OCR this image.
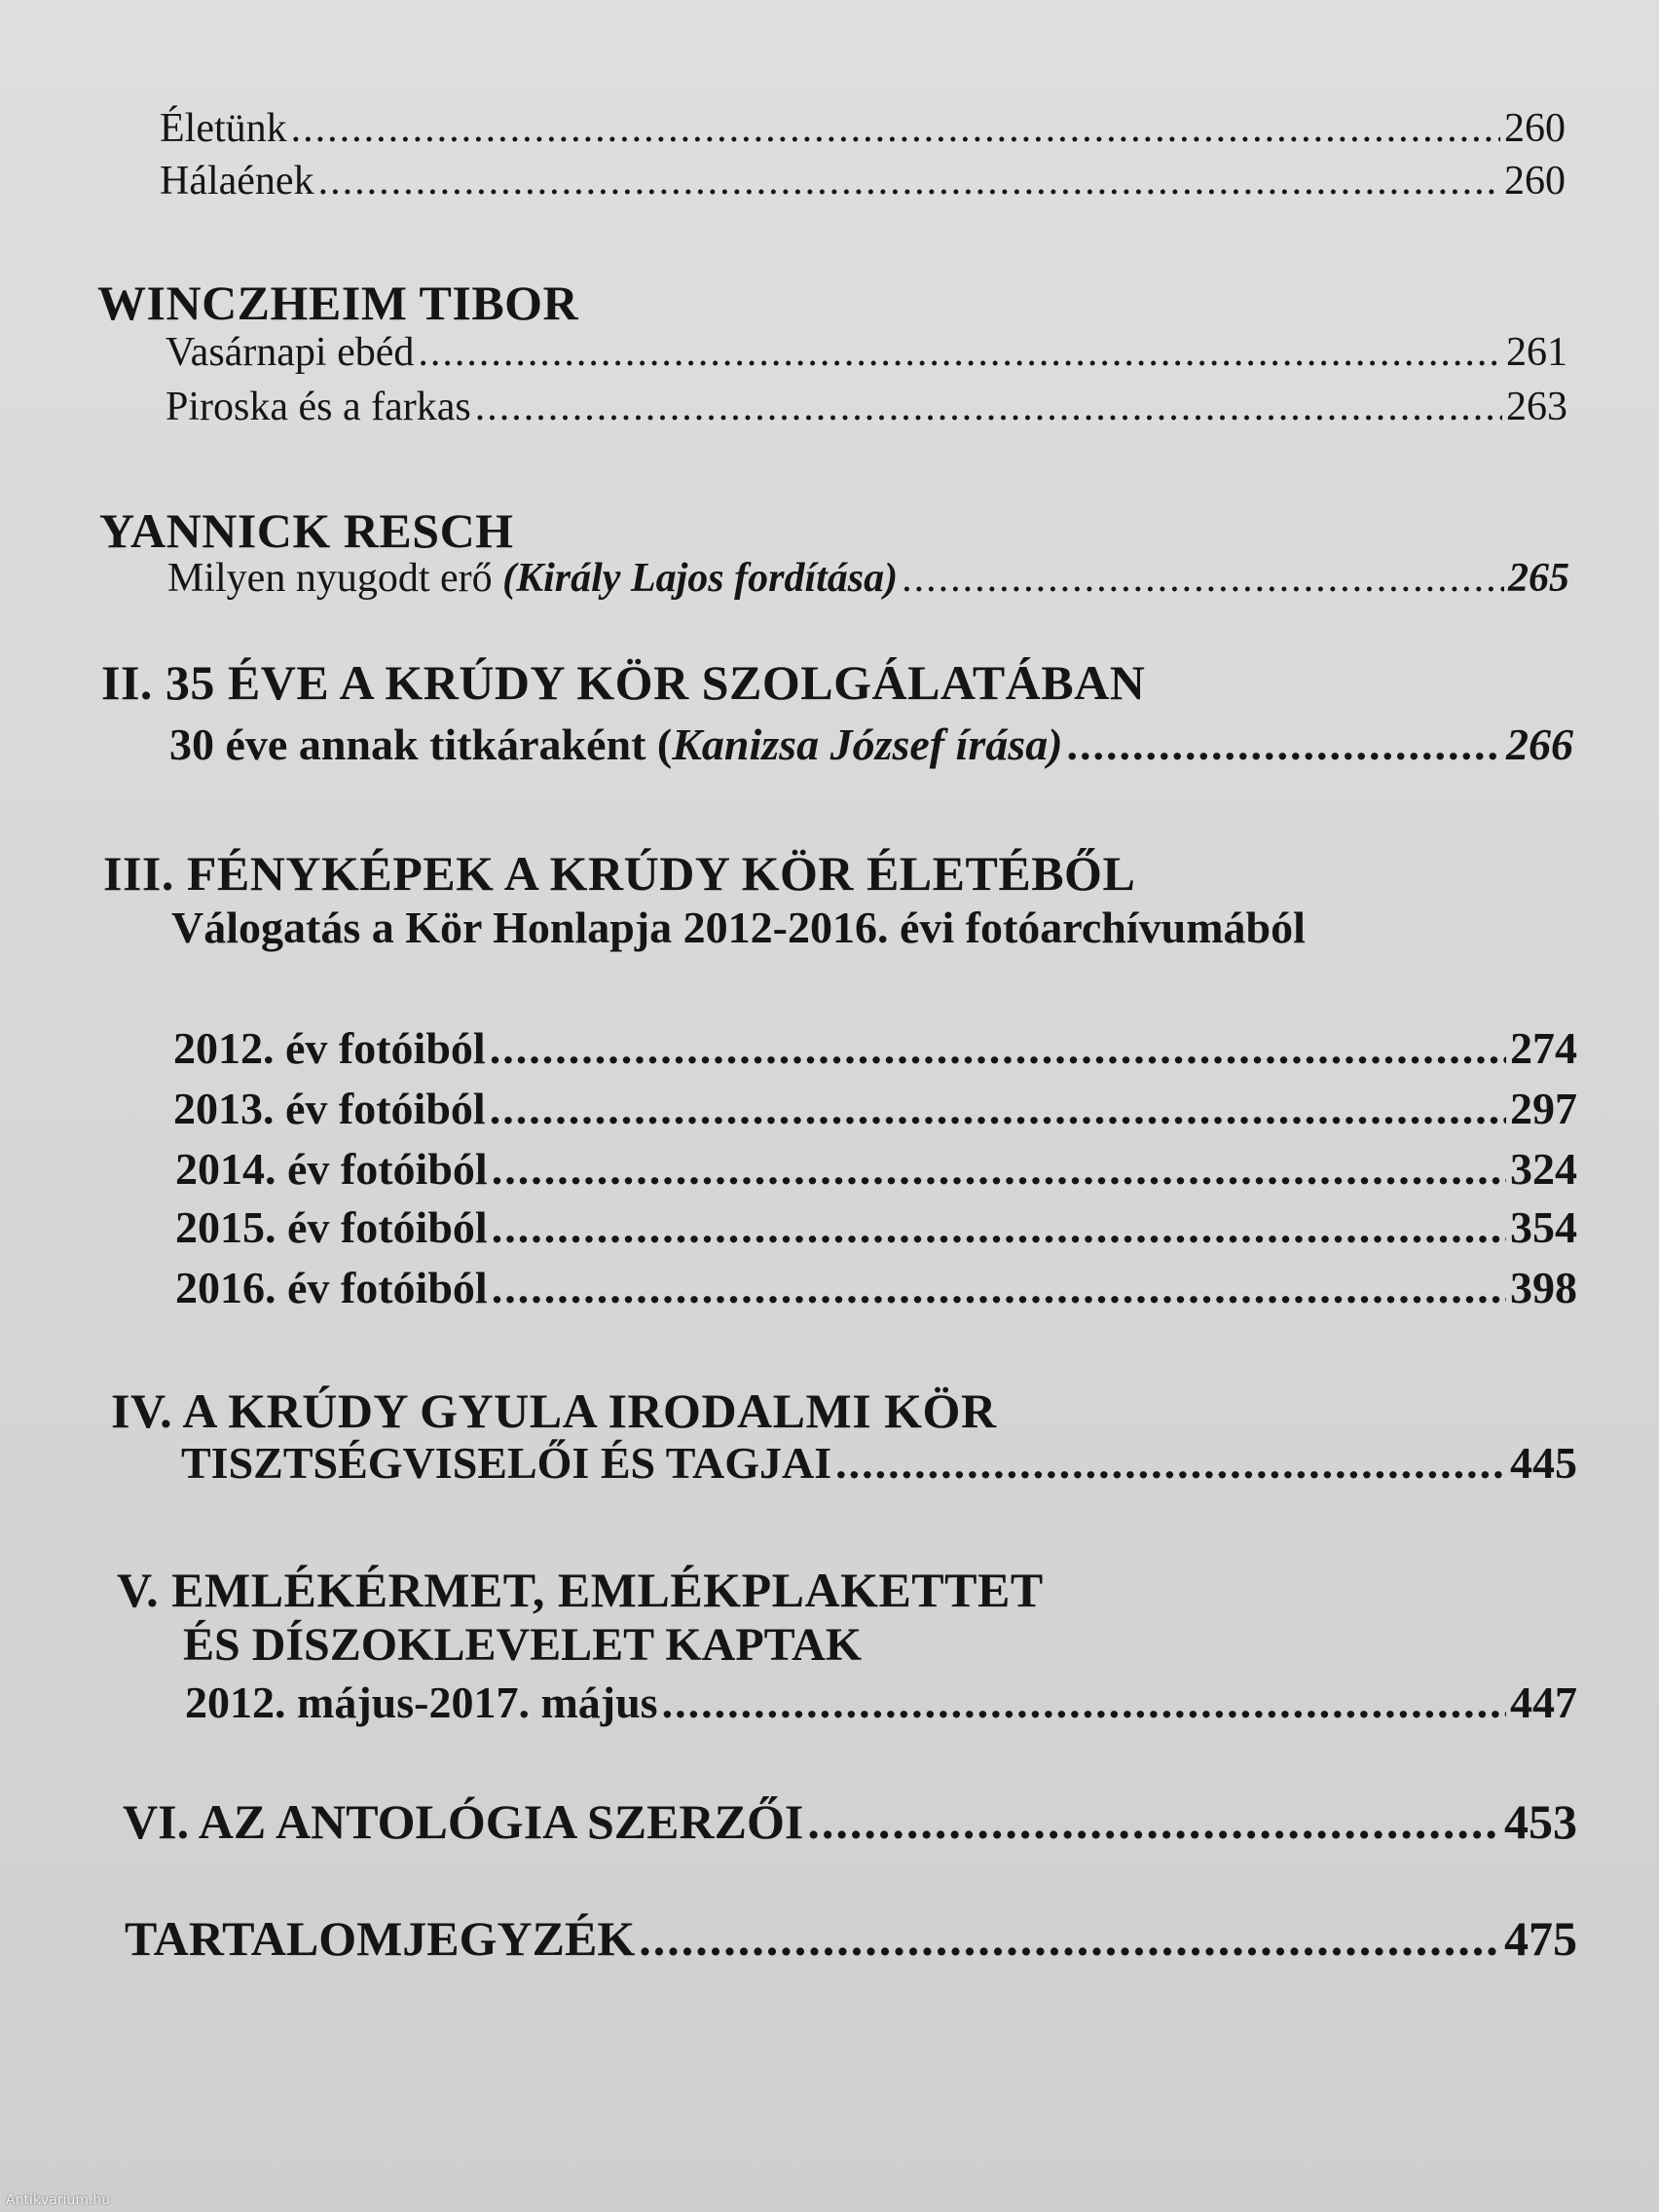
Életünk .....	260
Hálaének .....	260
WINCZHEIM TIBOR
Vasárnapi ebéd .....	261
Piroska és a farkas .....	263
YANNICK RESCH
Milyen nyugodt erő (Király Lajos fordítása) .....	265
II. 35 ÉVE A KRÚDY KÖR SZOLGÁLATÁBAN
30 éve annak titkáraként (Kanizsa József írása) .....	266
III. FÉNYKÉPEK A KRÚDY KÖR ÉLETÉBŐL
Válogatás a Kör Honlapja 2012-2016. évi fotóarchívumából
2012. év fotóiból .....	274
2013. év fotóiból .....	297
2014. év fotóiból .....	324
2015. év fotóiból .....	354
2016. év fotóiból .....	398
IV. A KRÚDY GYULA IRODALMI KÖR
TISZTSÉGVISELŐI ÉS TAGJAI .....	445
V. EMLÉKÉRMET, EMLÉKPLAKETTET
ÉS DÍSZOKLEVELET KAPTAK
2012. május-2017. május .....	447
VI. AZ ANTOLÓGIA SZERZŐI .....	453
TARTALOMJEGYZÉK .....	475
Antikvarium.hu
